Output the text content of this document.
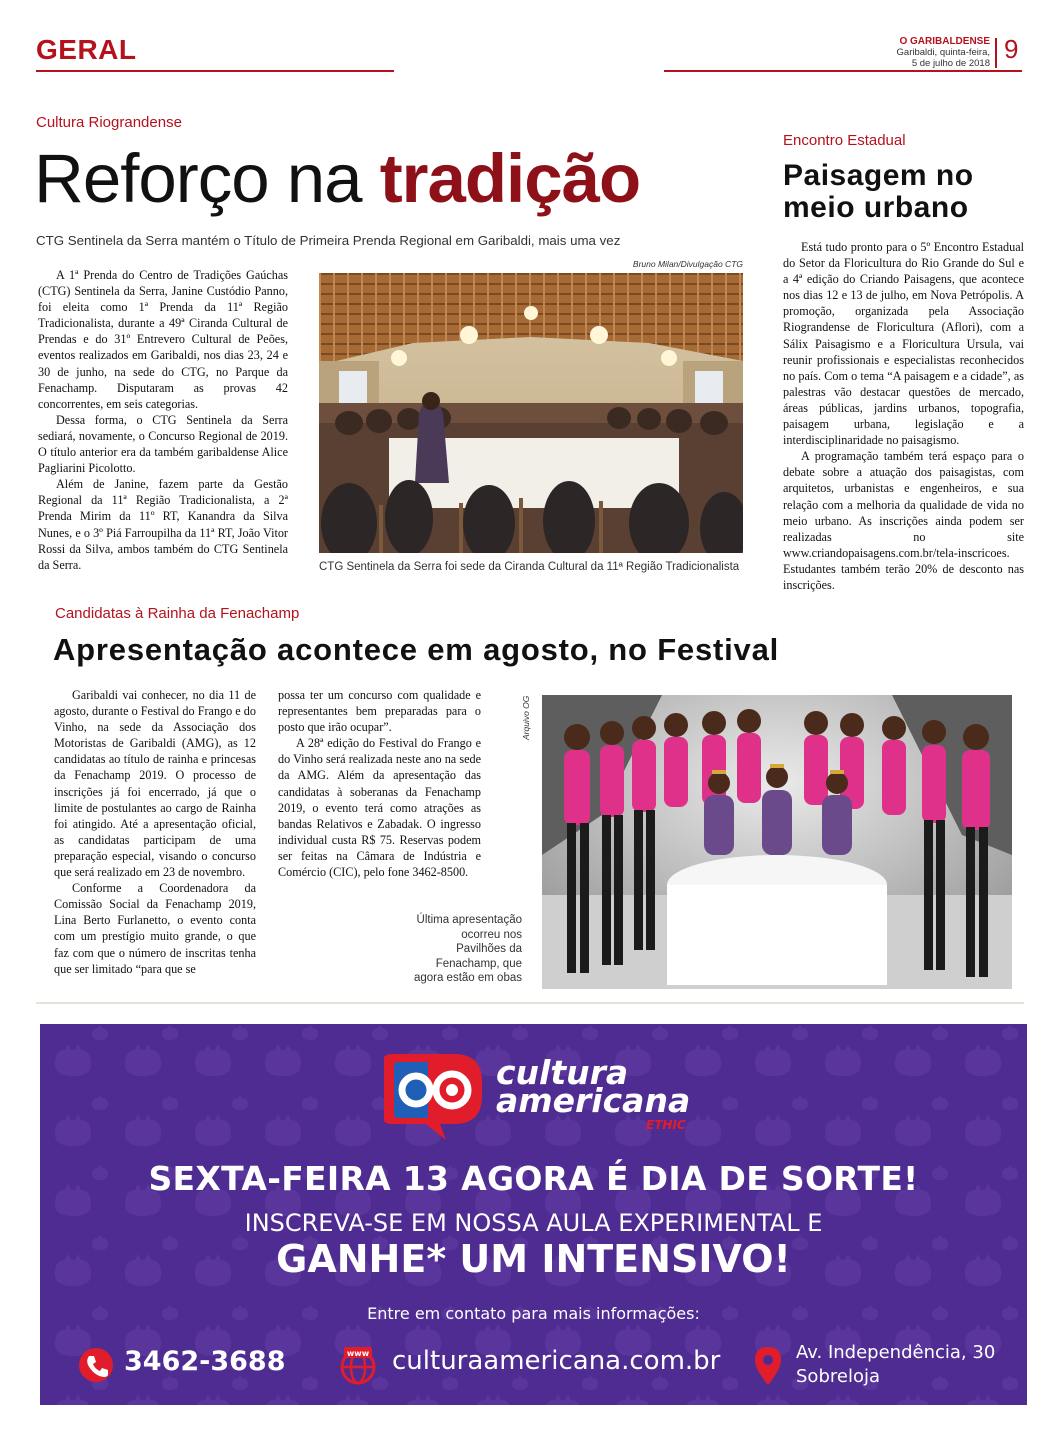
GERAL	O GARIBALDENSE
Garibaldi, quinta-feira,
5 de julho de 2018 9
Cultura Riograndense
Reforço na tradição
CTG Sentinela da Serra mantém o Título de Primeira Prenda Regional em Garibaldi, mais uma vez

A 1ª Prenda do Centro de Tradições Gaúchas (CTG) Sentinela da Serra, Janine Custódio Panno, foi eleita como 1ª Prenda da 11ª Região Tradicionalista, durante a 49ª Ciranda Cultural de Prendas e do 31º Entrevero Cultural de Peões, eventos realizados em Garibaldi, nos dias 23, 24 e 30 de junho, na sede do CTG, no Parque da Fenachamp. Disputaram as provas 42 concorrentes, em seis categorias.

Dessa forma, o CTG Sentinela da Serra sediará, novamente, o Concurso Regional de 2019. O título anterior era da também garibaldense Alice Pagliarini Picolotto.

Além de Janine, fazem parte da Gestão Regional da 11ª Região Tradicionalista, a 2ª Prenda Mirim da 11º RT, Kanandra da Silva Nunes, e o 3º Piá Farroupilha da 11ª RT, João Vitor Rossi da Silva, ambos também do CTG Sentinela da Serra.

Bruno Milan/Divulgação CTG
CTG Sentinela da Serra foi sede da Ciranda Cultural da 11ª Região Tradicionalista
Encontro Estadual
Paisagem no meio urbano

Está tudo pronto para o 5º Encontro Estadual do Setor da Floricultura do Rio Grande do Sul e a 4ª edição do Criando Paisagens, que acontece nos dias 12 e 13 de julho, em Nova Petrópolis. A promoção, organizada pela Associação Riograndense de Floricultura (Aflori), com a Sálix Paisagismo e a Floricultura Ursula, vai reunir profissionais e especialistas reconhecidos no país. Com o tema “A paisagem e a cidade”, as palestras vão destacar questões de mercado, áreas públicas, jardins urbanos, topografia, paisagem urbana, legislação e a interdisciplinaridade no paisagismo.

A programação também terá espaço para o debate sobre a atuação dos paisagistas, com arquitetos, urbanistas e engenheiros, e sua relação com a melhoria da qualidade de vida no meio urbano. As inscrições ainda podem ser realizadas no site www.criandopaisagens.com.br/tela-inscricoes. Estudantes também terão 20% de desconto nas inscrições.

Candidatas à Rainha da Fenachamp
Apresentação acontece em agosto, no Festival

Garibaldi vai conhecer, no dia 11 de agosto, durante o Festival do Frango e do Vinho, na sede da Associação dos Motoristas de Garibaldi (AMG), as 12 candidatas ao título de rainha e princesas da Fenachamp 2019. O processo de inscrições já foi encerrado, já que o limite de postulantes ao cargo de Rainha foi atingido. Até a apresentação oficial, as candidatas participam de uma preparação especial, visando o concurso que será realizado em 23 de novembro.

Conforme a Coordenadora da Comissão Social da Fenachamp 2019, Lina Berto Furlanetto, o evento conta com um prestígio muito grande, o que faz com que o número de inscritas tenha que ser limitado “para que se

possa ter um concurso com qualidade e representantes bem preparadas para o posto que irão ocupar”.

A 28ª edição do Festival do Frango e do Vinho será realizada neste ano na sede da AMG. Além da apresentação das candidatas à soberanas da Fenachamp 2019, o evento terá como atrações as bandas Relativos e Zabadak. O ingresso individual custa R$ 75. Reservas podem ser feitas na Câmara de Indústria e Comércio (CIC), pelo fone 3462-8500.

Arquivo OG
Última apresentação ocorreu nos Pavilhões da Fenachamp, que agora estão em obas
cultura
americana
ETHIC
SEXTA-FEIRA 13 AGORA É DIA DE SORTE!
INSCREVA-SE EM NOSSA AULA EXPERIMENTAL E
GANHE* UM INTENSIVO!
Entre em contato para mais informações:
3462-3688	www culturaamericana.com.br	Av. Independência, 30
Sobreloja
